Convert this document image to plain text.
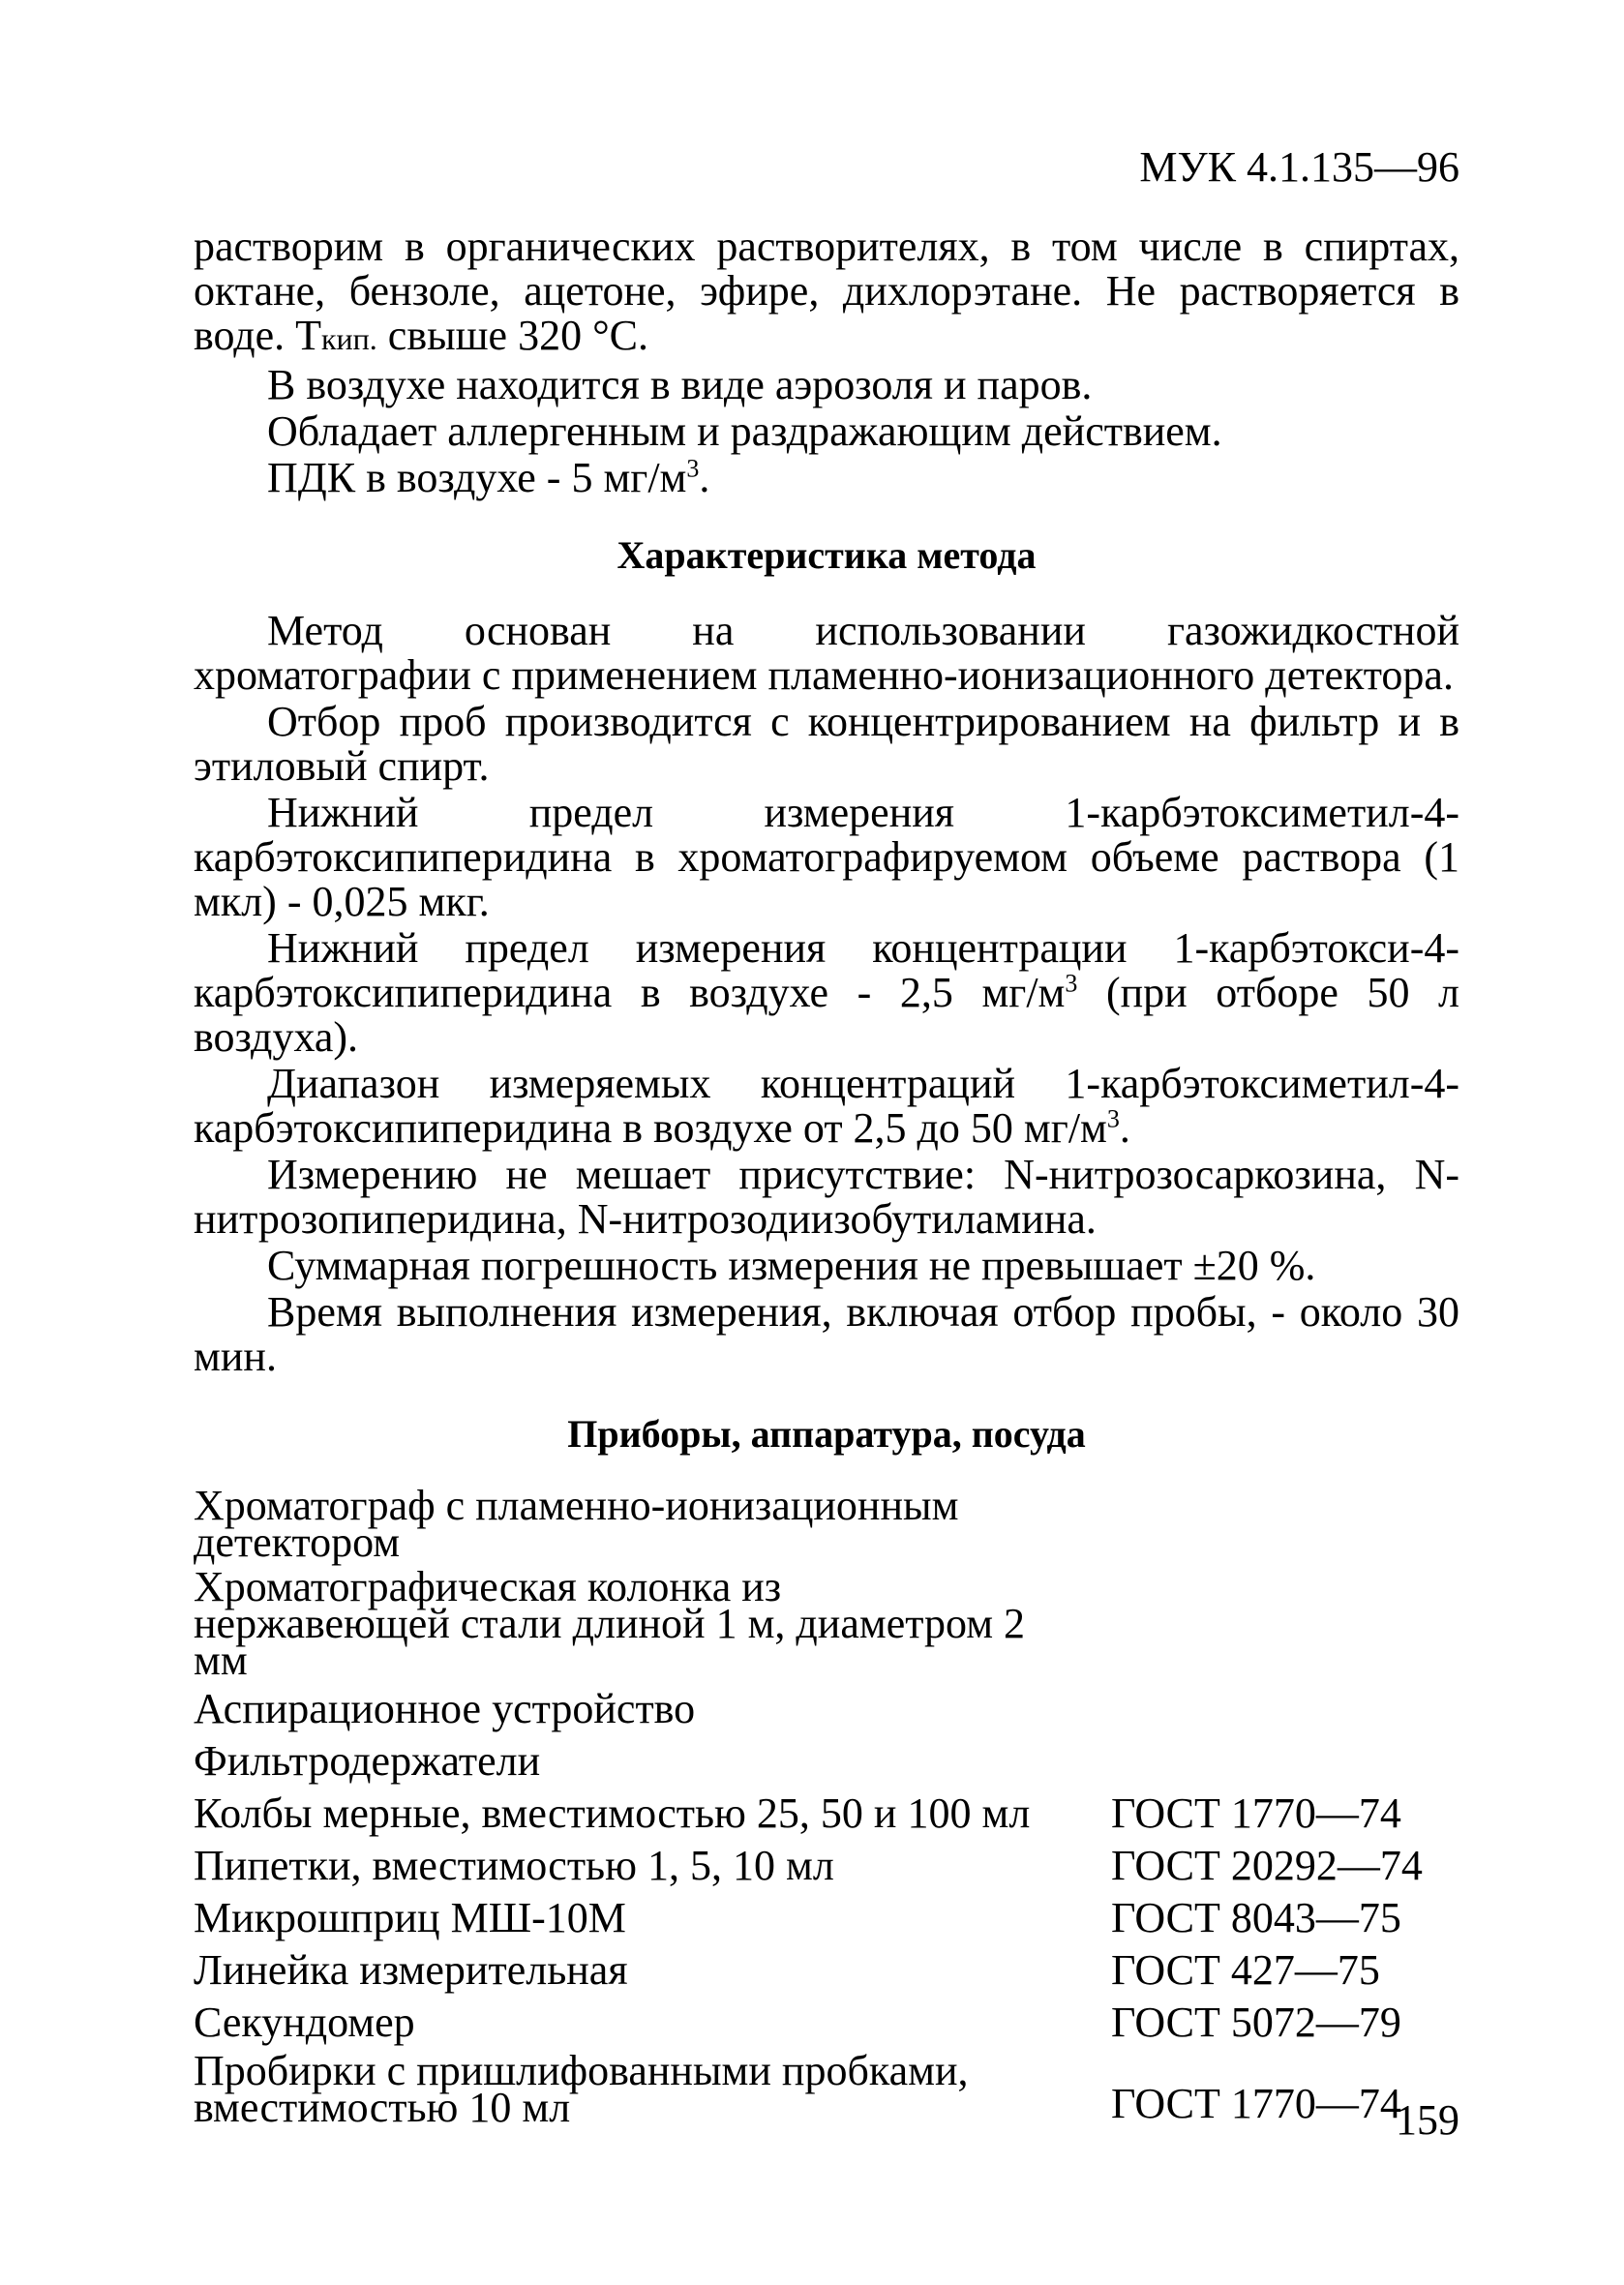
МУК 4.1.135—96

растворим в органических растворителях, в том числе в спиртах, октане, бензоле, ацетоне, эфире, дихлорэтане. Не растворяется в воде. Ткип. свыше 320 °С.

В воздухе находится в виде аэрозоля и паров.

Обладает аллергенным и раздражающим действием.

ПДК в воздухе - 5 $мг/м^3$.

Характеристика метода

Метод основан на использовании газожидкостной хроматографии с применением пламенно-ионизационного детектора.

Отбор проб производится с концентрированием на фильтр и в этиловый спирт.

Нижний предел измерения 1-карбэтоксиметил-4-карбэтоксипиперидина в хроматографируемом объеме раствора (1 мкл) - 0,025 мкг.

Нижний предел измерения концентрации 1-карбэтокси-4-карбэтоксипиперидина в воздухе - 2,5 $мг/м^3$ (при отборе 50 л воздуха).

Диапазон измеряемых концентраций 1-карбэтоксиметил-4-карбэтоксипиперидина в воздухе от 2,5 до 50 $мг/м^3$.

Измерению не мешает присутствие: N-нитрозосаркозина, N-нитрозопиперидина, N-нитрозодиизобутиламина.

Суммарная погрешность измерения не превышает ±20 %.

Время выполнения измерения, включая отбор пробы, - около 30 мин.

Приборы, аппаратура, посуда
Хроматограф с пламенно-ионизационным детектором
Хроматографическая колонка из нержавеющей стали длиной 1 м, диаметром 2 мм
Аспирационное устройство
Фильтродержатели
Колбы мерные, вместимостью 25, 50 и 100 мл	ГОСТ 1770—74
Пипетки, вместимостью 1, 5, 10 мл	ГОСТ 20292—74
Микрошприц МШ-10М	ГОСТ 8043—75
Линейка измерительная	ГОСТ 427—75
Секундомер	ГОСТ 5072—79
Пробирки с пришлифованными пробками, вместимостью 10 мл	ГОСТ 1770—74
159
